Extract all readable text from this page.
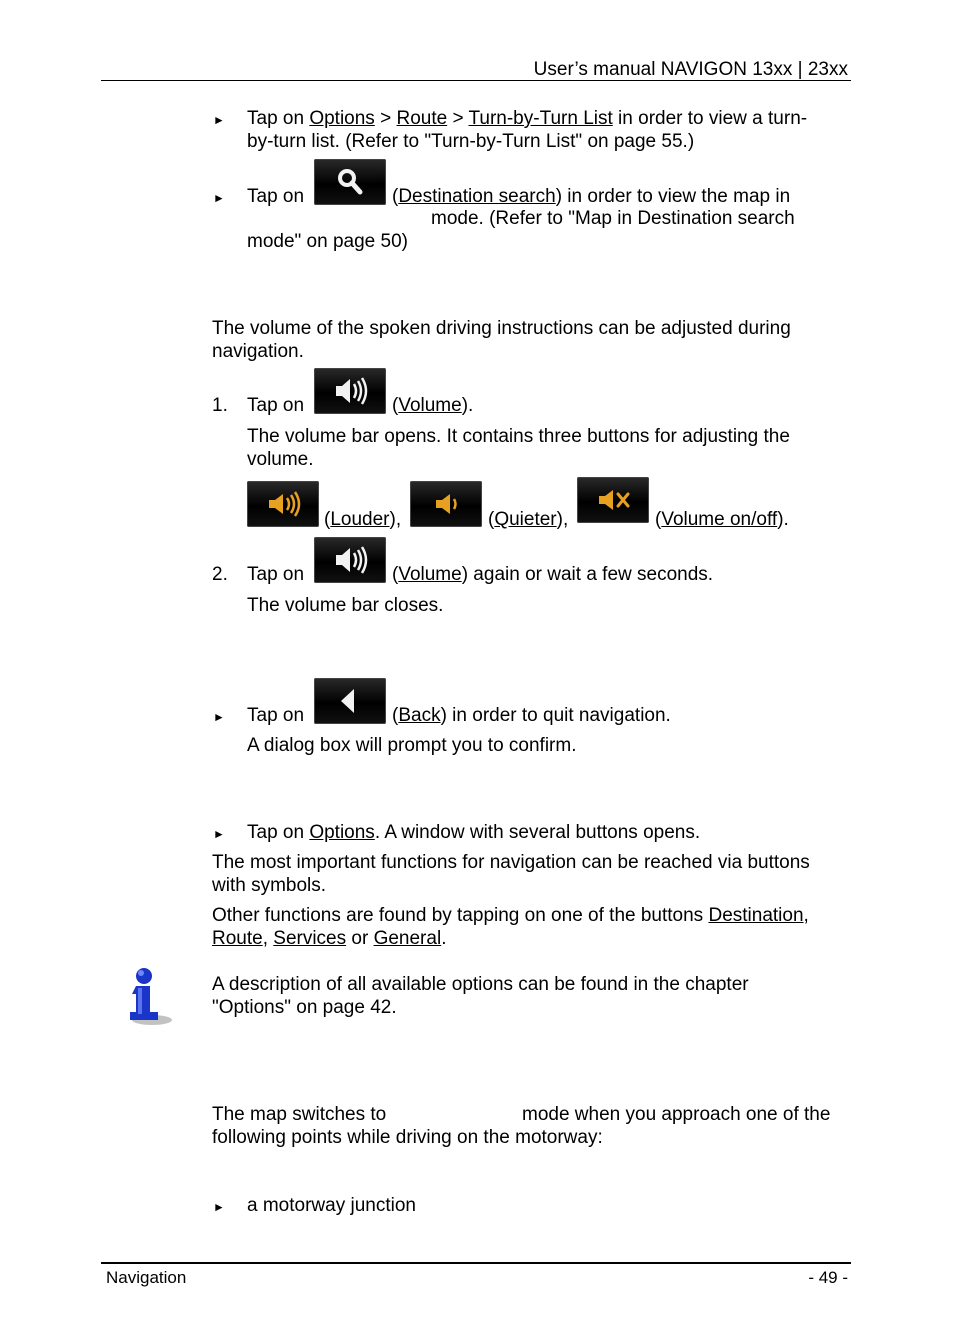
User’s manual NAVIGON 13xx | 23xx
► Tap on Options > Route > Turn-by-Turn List in order to view a turn-
by-turn list. (Refer to "Turn-by-Turn List" on page 55.)
► Tap on	(Destination search) in order to view the map in
mode. (Refer to "Map in Destination search
mode" on page 50)
The volume of the spoken driving instructions can be adjusted during
navigation.
1. Tap on	(Volume).
The volume bar opens. It contains three buttons for adjusting the
volume.
(Louder),	(Quieter),	(Volume on/off).
2. Tap on	(Volume) again or wait a few seconds.
The volume bar closes.
► Tap on	(Back) in order to quit navigation.
A dialog box will prompt you to confirm.
► Tap on Options. A window with several buttons opens.
The most important functions for navigation can be reached via buttons
with symbols.
Other functions are found by tapping on one of the buttons Destination,
Route, Services or General.
A description of all available options can be found in the chapter
"Options" on page 42.
The map switches to	mode when you approach one of the
following points while driving on the motorway:
► a motorway junction
Navigation	- 49 -
